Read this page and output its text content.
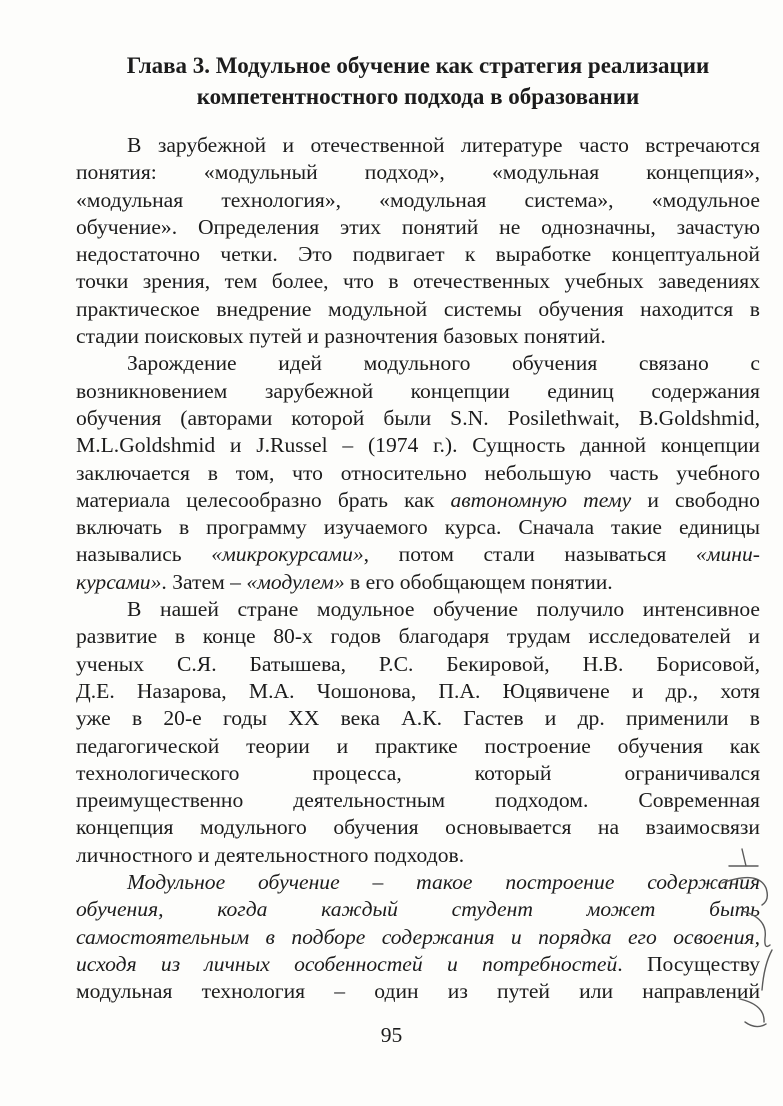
Глава 3. Модульное обучение как стратегия реализации
компетентностного подхода в образовании
В зарубежной и отечественной литературе часто встречаются
понятия: «модульный подход», «модульная концепция»,
«модульная технология», «модульная система», «модульное
обучение». Определения этих понятий не однозначны, зачастую
недостаточно четки. Это подвигает к выработке концептуальной
точки зрения, тем более, что в отечественных учебных заведениях
практическое внедрение модульной системы обучения находится в
стадии поисковых путей и разночтения базовых понятий.
Зарождение идей модульного обучения связано с
возникновением зарубежной концепции единиц содержания
обучения (авторами которой были S.N. Posilethwait, B.Goldshmid,
M.L.Goldshmid и J.Russel – (1974 г.). Сущность данной концепции
заключается в том, что относительно небольшую часть учебного
материала целесообразно брать как автономную тему и свободно
включать в программу изучаемого курса. Сначала такие единицы
назывались «микрокурсами», потом стали называться «мини-
курсами». Затем – «модулем» в его обобщающем понятии.
В нашей стране модульное обучение получило интенсивное
развитие в конце 80-х годов благодаря трудам исследователей и
ученых С.Я. Батышева, Р.С. Бекировой, Н.В. Борисовой,
Д.Е. Назарова, М.А. Чошонова, П.А. Юцявичене и др., хотя
уже в 20-е годы XX века А.К. Гастев и др. применили в
педагогической теории и практике построение обучения как
технологического процесса, который ограничивался
преимущественно деятельностным подходом. Современная
концепция модульного обучения основывается на взаимосвязи
личностного и деятельностного подходов.
Модульное обучение – такое построение содержания
обучения, когда каждый студент может быть
самостоятельным в подборе содержания и порядка его освоения,
исходя из личных особенностей и потребностей. Посуществу
модульная технология – один из путей или направлений
95
